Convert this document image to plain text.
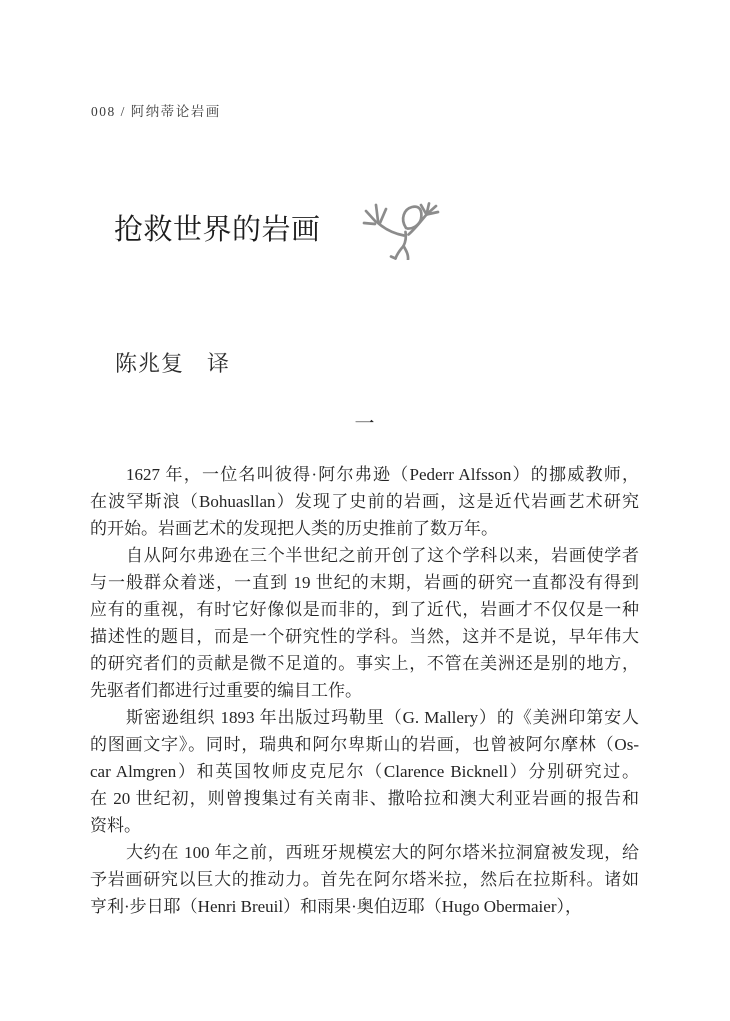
008 / 阿纳蒂论岩画
抢救世界的岩画
陈兆复　译
一
1627 年，一位名叫彼得·阿尔弗逊（Pederr Alfsson）的挪威教师，
在波罕斯浪（Bohuasllan）发现了史前的岩画，这是近代岩画艺术研究
的开始。岩画艺术的发现把人类的历史推前了数万年。
自从阿尔弗逊在三个半世纪之前开创了这个学科以来，岩画使学者
与一般群众着迷，一直到 19 世纪的末期，岩画的研究一直都没有得到
应有的重视，有时它好像似是而非的，到了近代，岩画才不仅仅是一种
描述性的题目，而是一个研究性的学科。当然，这并不是说，早年伟大
的研究者们的贡献是微不足道的。事实上，不管在美洲还是别的地方，
先驱者们都进行过重要的编目工作。
斯密逊组织 1893 年出版过玛勒里（G. Mallery）的《美洲印第安人
的图画文字》。同时，瑞典和阿尔卑斯山的岩画，也曾被阿尔摩林（Os-
car Almgren）和英国牧师皮克尼尔（Clarence Bicknell）分别研究过。
在 20 世纪初，则曾搜集过有关南非、撒哈拉和澳大利亚岩画的报告和
资料。
大约在 100 年之前，西班牙规模宏大的阿尔塔米拉洞窟被发现，给
予岩画研究以巨大的推动力。首先在阿尔塔米拉，然后在拉斯科。诸如
亨利·步日耶（Henri Breuil）和雨果·奥伯迈耶（Hugo Obermaier），
